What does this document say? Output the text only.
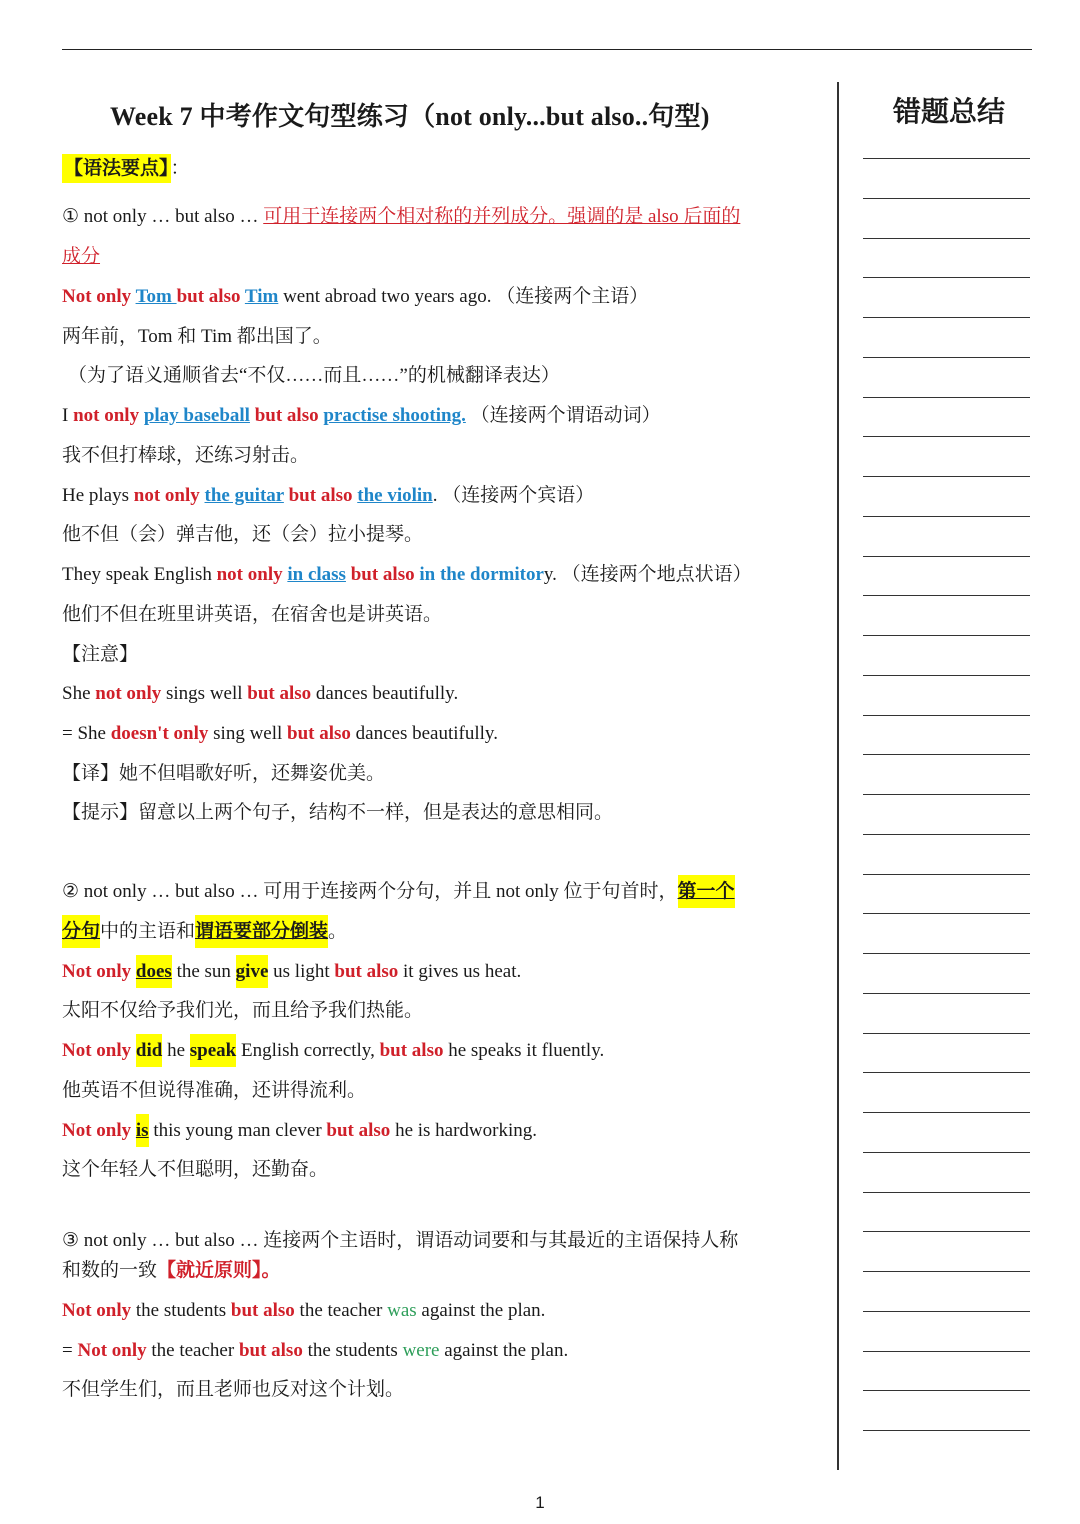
Week 7 中考作文句型练习（not only...but also..句型)
【语法要点】 ：
① not only … but also … 可用于连接两个相对称的并列成分。强调的是 also 后面的
成分
Not only Tom but also Tim went abroad two years ago. （连接两个主语）
两年前，Tom 和 Tim 都出国了。
（为了语义通顺省去“不仅……而且……”的机械翻译表达）
I not only play baseball but also practise shooting. （连接两个谓语动词）
我不但打棒球，还练习射击。
He plays not only the guitar but also the violin. （连接两个宾语）
他不但（会）弹吉他，还（会）拉小提琴。
They speak English not only in class but also in the dormitory. （连接两个地点状语）
他们不但在班里讲英语，在宿舍也是讲英语。
【注意】
She not only sings well but also dances beautifully.
= She doesn't only sing well but also dances beautifully.
【译】她不但唱歌好听，还舞姿优美。
【提示】留意以上两个句子，结构不一样，但是表达的意思相同。
② not only … but also … 可用于连接两个分句，并且 not only 位于句首时，第一个
分句中的主语和谓语要部分倒装。
Not only does the sun give us light but also it gives us heat.
太阳不仅给予我们光，而且给予我们热能。
Not only did he speak English correctly, but also he speaks it fluently.
他英语不但说得准确，还讲得流利。
Not only is this young man clever but also he is hardworking.
这个年轻人不但聪明，还勤奋。
③ not only … but also … 连接两个主语时，谓语动词要和与其最近的主语保持人称
和数的一致【就近原则】。
Not only the students but also the teacher was against the plan.
= Not only the teacher but also the students were against the plan.
不但学生们，而且老师也反对这个计划。
错题总结
1
